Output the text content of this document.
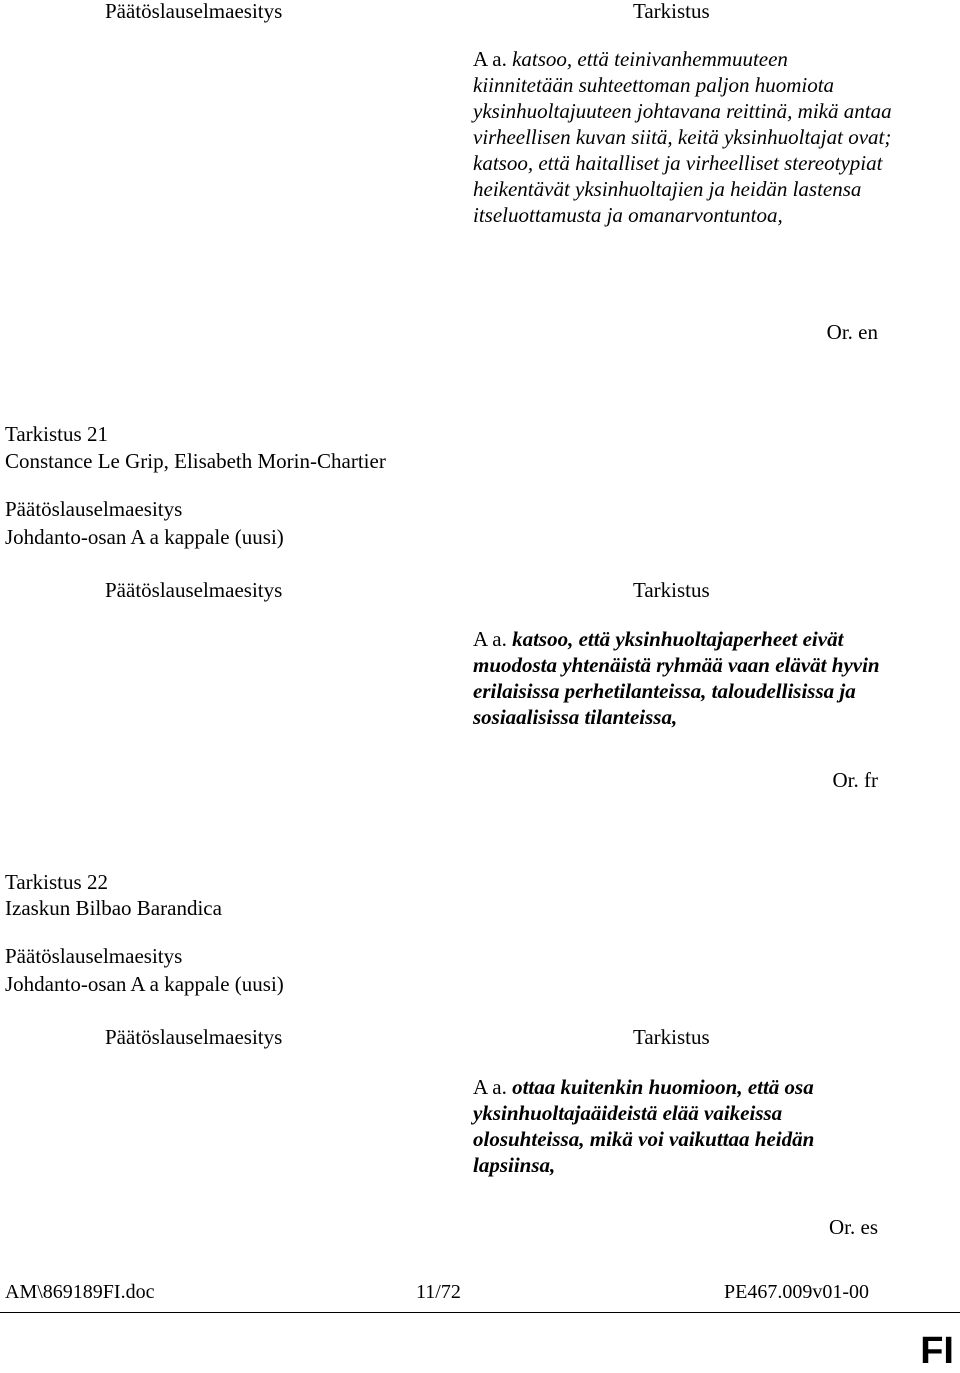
Päätöslauselmaesitys	Tarkistus
A a. katsoo, että teinivanhemmuuteen kiinnitetään suhteettoman paljon huomiota yksinhuoltajuuteen johtavana reittinä, mikä antaa virheellisen kuvan siitä, keitä yksinhuoltajat ovat; katsoo, että haitalliset ja virheelliset stereotypiat heikentävät yksinhuoltajien ja heidän lastensa itseluottamusta ja omanarvontuntoa,
Or. en
Tarkistus 21
Constance Le Grip, Elisabeth Morin-Chartier
Päätöslauselmaesitys
Johdanto-osan A a kappale (uusi)
Päätöslauselmaesitys	Tarkistus
A a. katsoo, että yksinhuoltajaperheet eivät muodosta yhtenäistä ryhmää vaan elävät hyvin erilaisissa perhetilanteissa, taloudellisissa ja sosiaalisissa tilanteissa,
Or. fr
Tarkistus 22
Izaskun Bilbao Barandica
Päätöslauselmaesitys
Johdanto-osan A a kappale (uusi)
Päätöslauselmaesitys	Tarkistus
A a. ottaa kuitenkin huomioon, että osa yksinhuoltajaäideistä elää vaikeissa olosuhteissa, mikä voi vaikuttaa heidän lapsiinsa,
Or. es
AM\869189FI.doc	11/72	PE467.009v01-00
FI
